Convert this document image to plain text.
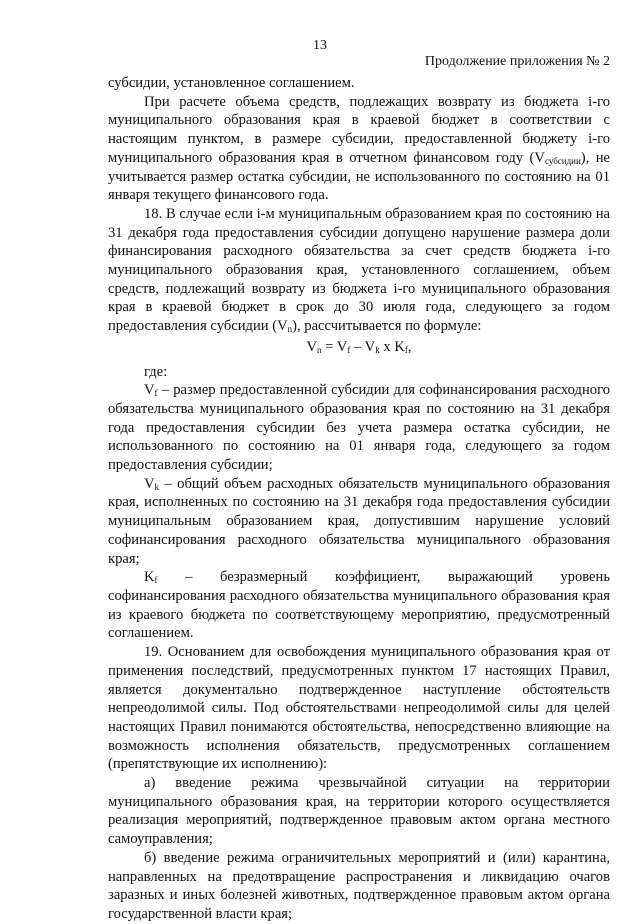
13
Продолжение приложения № 2

субсидии, установленное соглашением.

При расчете объема средств, подлежащих возврату из бюджета i-го муниципального образования края в краевой бюджет в соответствии с настоящим пунктом, в размере субсидии, предоставленной бюджету i-го муниципального образования края в отчетном финансовом году $(V_{субсидии})$, не учитывается размер остатка субсидии, не использованного по состоянию на 01 января текущего финансового года.

18. В случае если i-м муниципальным образованием края по состоянию на 31 декабря года предоставления субсидии допущено нарушение размера доли финансирования расходного обязательства за счет средств бюджета i-го муниципального образования края, установленного соглашением, объем средств, подлежащий возврату из бюджета i-го муниципального образования края в краевой бюджет в срок до 30 июля года, следующего за годом предоставления субсидии $(V_n)$, рассчитывается по формуле:

$V_n = V_f - V_k$ x $K_f$,

где:

$V_f$ – размер предоставленной субсидии для софинансирования расходного обязательства муниципального образования края по состоянию на 31 декабря года предоставления субсидии без учета размера остатка субсидии, не использованного по состоянию на 01 января года, следующего за годом предоставления субсидии;

$V_k$ – общий объем расходных обязательств муниципального образования края, исполненных по состоянию на 31 декабря года предоставления субсидии муниципальным образованием края, допустившим нарушение условий софинансирования расходного обязательства муниципального образования края;

$K_f$ – безразмерный коэффициент, выражающий уровень софинансирования расходного обязательства муниципального образования края из краевого бюджета по соответствующему мероприятию, предусмотренный соглашением.

19. Основанием для освобождения муниципального образования края от применения последствий, предусмотренных пунктом 17 настоящих Правил, является документально подтвержденное наступление обстоятельств непреодолимой силы. Под обстоятельствами непреодолимой силы для целей настоящих Правил понимаются обстоятельства, непосредственно влияющие на возможность исполнения обязательств, предусмотренных соглашением (препятствующие их исполнению):

а) введение режима чрезвычайной ситуации на территории муниципального образования края, на территории которого осуществляется реализация мероприятий, подтвержденное правовым актом органа местного самоуправления;

б) введение режима ограничительных мероприятий и (или) карантина, направленных на предотвращение распространения и ликвидацию очагов заразных и иных болезней животных, подтвержденное правовым актом органа государственной власти края;
